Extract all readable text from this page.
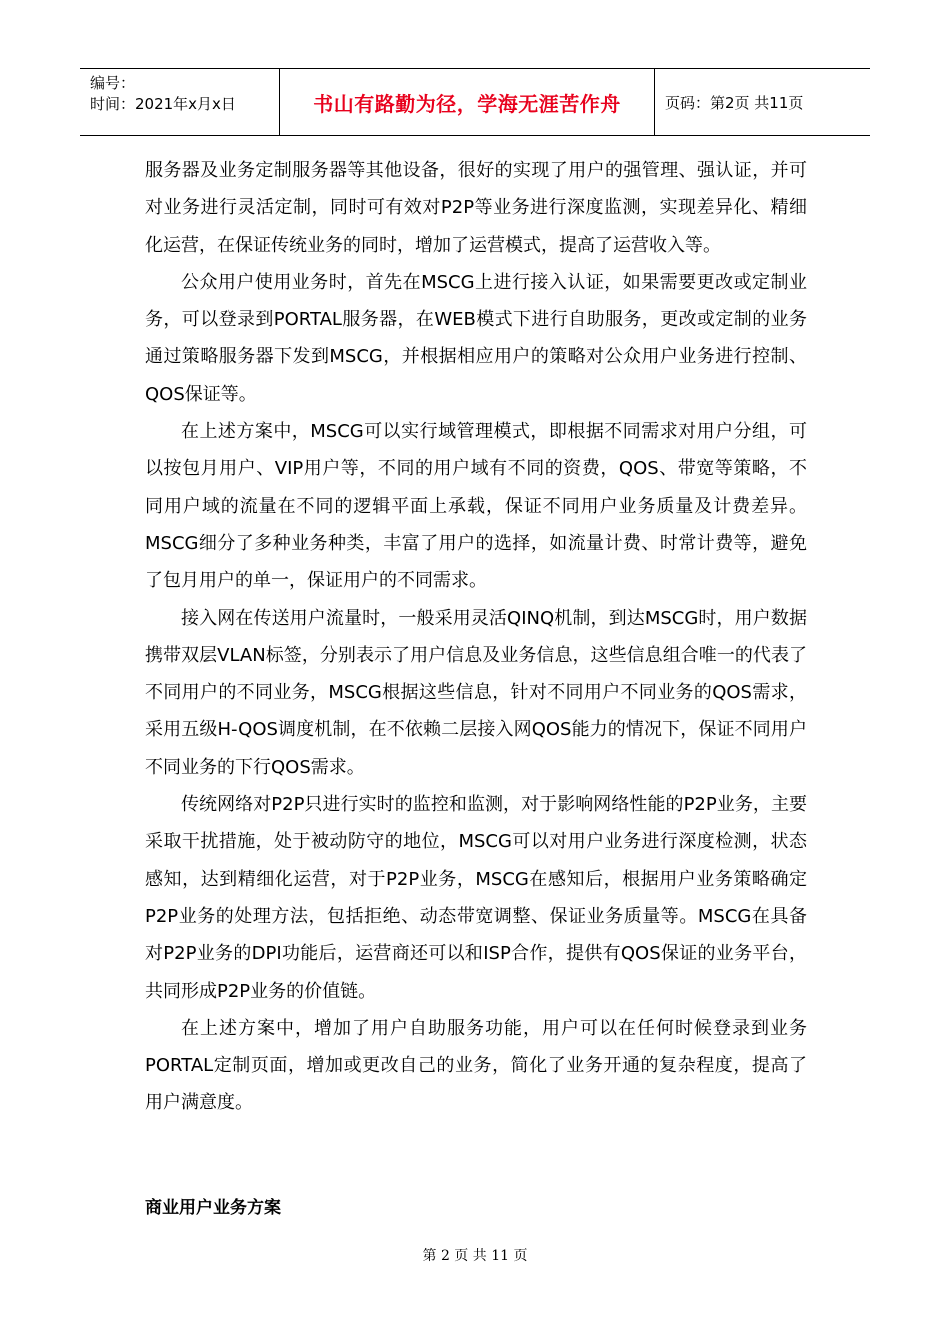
编号：
时间：2021年x月x日	书山有路勤为径，学海无涯苦作舟	页码：第2页 共11页

服务器及业务定制服务器等其他设备，很好的实现了用户的强管理、强认证，并可对业务进行灵活定制，同时可有效对P2P等业务进行深度监测，实现差异化、精细化运营，在保证传统业务的同时，增加了运营模式，提高了运营收入等。

公众用户使用业务时，首先在MSCG上进行接入认证，如果需要更改或定制业务，可以登录到PORTAL服务器，在WEB模式下进行自助服务，更改或定制的业务通过策略服务器下发到MSCG，并根据相应用户的策略对公众用户业务进行控制、QOS保证等。

在上述方案中，MSCG可以实行域管理模式，即根据不同需求对用户分组，可以按包月用户、VIP用户等，不同的用户域有不同的资费，QOS、带宽等策略，不同用户域的流量在不同的逻辑平面上承载，保证不同用户业务质量及计费差异。MSCG细分了多种业务种类，丰富了用户的选择，如流量计费、时常计费等，避免了包月用户的单一，保证用户的不同需求。

接入网在传送用户流量时，一般采用灵活QINQ机制，到达MSCG时，用户数据携带双层VLAN标签，分别表示了用户信息及业务信息，这些信息组合唯一的代表了不同用户的不同业务，MSCG根据这些信息，针对不同用户不同业务的QOS需求，采用五级H-QOS调度机制，在不依赖二层接入网QOS能力的情况下，保证不同用户不同业务的下行QOS需求。

传统网络对P2P只进行实时的监控和监测，对于影响网络性能的P2P业务，主要采取干扰措施，处于被动防守的地位，MSCG可以对用户业务进行深度检测，状态感知，达到精细化运营，对于P2P业务，MSCG在感知后，根据用户业务策略确定P2P业务的处理方法，包括拒绝、动态带宽调整、保证业务质量等。MSCG在具备对P2P业务的DPI功能后，运营商还可以和ISP合作，提供有QOS保证的业务平台，共同形成P2P业务的价值链。

在上述方案中，增加了用户自助服务功能，用户可以在任何时候登录到业务PORTAL定制页面，增加或更改自己的业务，简化了业务开通的复杂程度，提高了用户满意度。

商业用户业务方案
第 2 页 共 11 页
